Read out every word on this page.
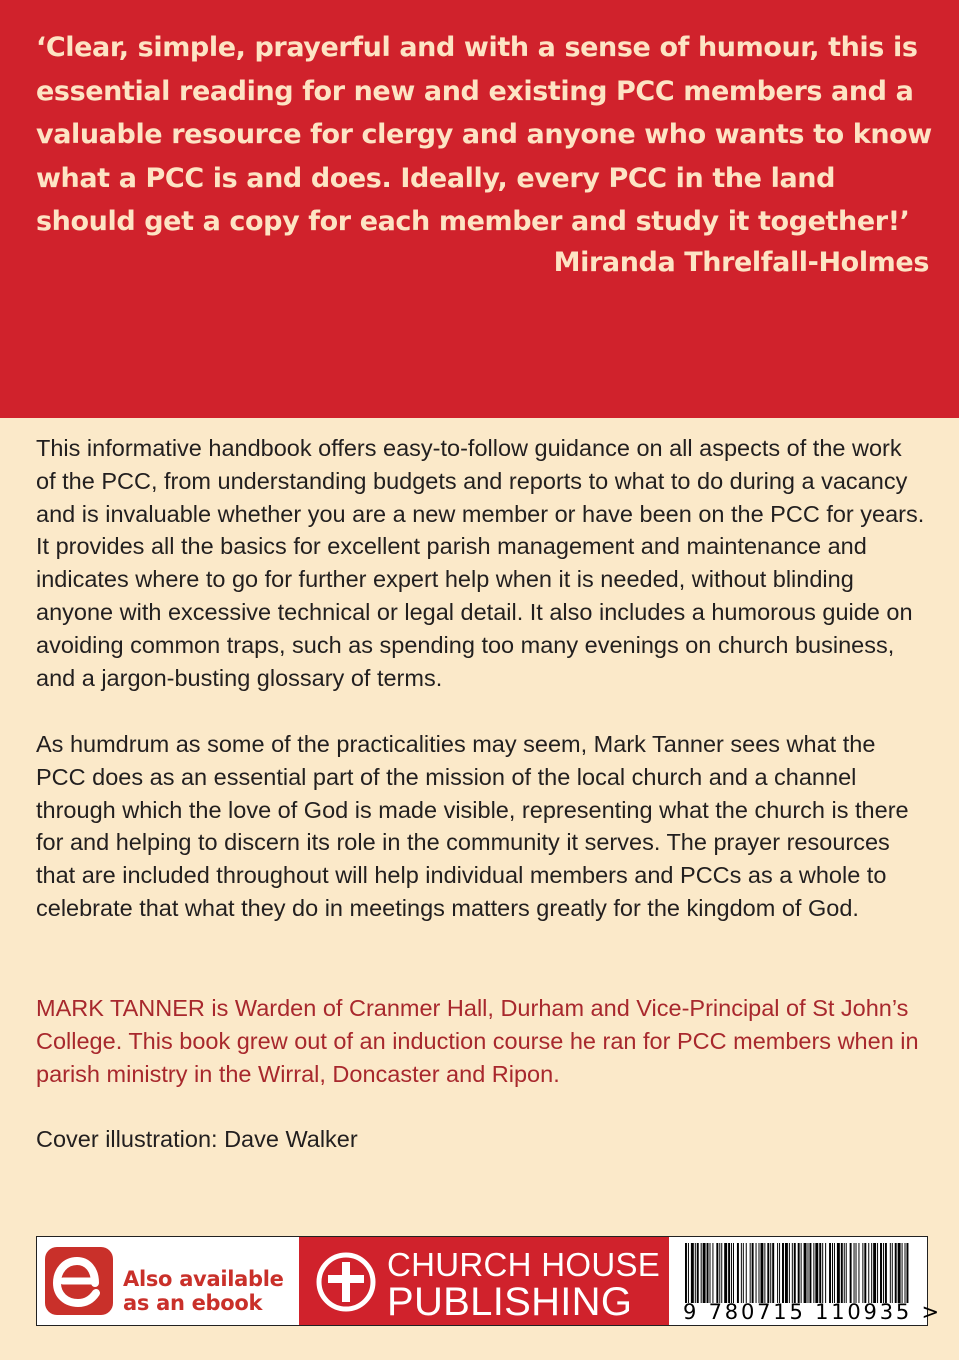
‘Clear, simple, prayerful and with a sense of humour, this is essential reading for new and existing PCC members and a valuable resource for clergy and anyone who wants to know what a PCC is and does. Ideally, every PCC in the land should get a copy for each member and study it together!’

Miranda Threlfall-Holmes

This informative handbook offers easy-to-follow guidance on all aspects of the work of the PCC, from understanding budgets and reports to what to do during a vacancy and is invaluable whether you are a new member or have been on the PCC for years. It provides all the basics for excellent parish management and maintenance and indicates where to go for further expert help when it is needed, without blinding anyone with excessive technical or legal detail. It also includes a humorous guide on avoiding common traps, such as spending too many evenings on church business, and a jargon-busting glossary of terms.

As humdrum as some of the practicalities may seem, Mark Tanner sees what the PCC does as an essential part of the mission of the local church and a channel through which the love of God is made visible, representing what the church is there for and helping to discern its role in the community it serves. The prayer resources that are included throughout will help individual members and PCCs as a whole to celebrate that what they do in meetings matters greatly for the kingdom of God.

MARK TANNER is Warden of Cranmer Hall, Durham and Vice-Principal of St John’s College. This book grew out of an induction course he ran for PCC members when in parish ministry in the Wirral, Doncaster and Ripon.

Cover illustration: Dave Walker

Also available
as an ebook

CHURCH HOUSE

PUBLISHING 9 780715 110935 >
